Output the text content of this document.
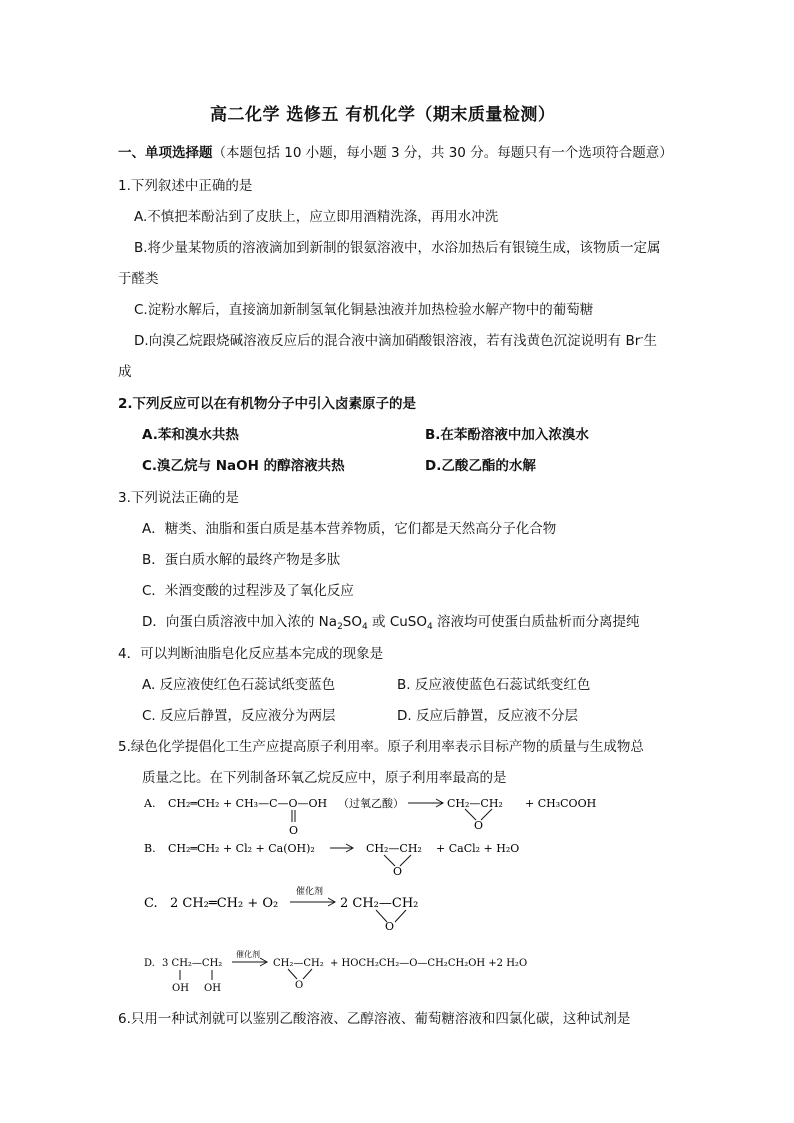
高二化学 选修五 有机化学（期末质量检测）
一、单项选择题（本题包括 10 小题，每小题 3 分，共 30 分。每题只有一个选项符合题意）
1.下列叙述中正确的是
A.不慎把苯酚沾到了皮肤上，应立即用酒精洗涤，再用水冲洗
B.将少量某物质的溶液滴加到新制的银氨溶液中，水浴加热后有银镜生成，该物质一定属
于醛类
C.淀粉水解后，直接滴加新制氢氧化铜悬浊液并加热检验水解产物中的葡萄糖
D.向溴乙烷跟烧碱溶液反应后的混合液中滴加硝酸银溶液，若有浅黄色沉淀说明有 Br-生
成
2.下列反应可以在有机物分子中引入卤素原子的是
A.苯和溴水共热	B.在苯酚溶液中加入浓溴水
C.溴乙烷与 NaOH 的醇溶液共热	D.乙酸乙酯的水解
3.下列说法正确的是
A．糖类、油脂和蛋白质是基本营养物质，它们都是天然高分子化合物
B．蛋白质水解的最终产物是多肽
C．米酒变酸的过程涉及了氧化反应
D．向蛋白质溶液中加入浓的 $Na_2SO_4$ 或 CuSO$_4$ 溶液均可使蛋白质盐析而分离提纯
4．可以判断油脂皂化反应基本完成的现象是
A. 反应液使红色石蕊试纸变蓝色	B. 反应液使蓝色石蕊试纸变红色
C. 反应后静置，反应液分为两层	D. 反应后静置，反应液不分层
5.绿色化学提倡化工生产应提高原子利用率。原子利用率表示目标产物的质量与生成物总
质量之比。在下列制备环氧乙烷反应中，原子利用率最高的是
A. CH₂═CH₂ + CH₃—C—O—OH （过氧乙酸）	CH₂—CH₂
O
+ CH₃COOH
O
B. CH₂═CH₂ + Cl₂ + Ca(OH)₂	CH₂—CH₂
O
+ CaCl₂ + H₂O
C. 2 CH₂═CH₂ + O₂
催化剂
2 CH₂—CH₂
O
D. 3 CH₂—CH₂
OH OH
催化剂
CH₂—CH₂
O
+ HOCH₂CH₂—O—CH₂CH₂OH +2 H₂O
6.只用一种试剂就可以鉴别乙酸溶液、乙醇溶液、葡萄糖溶液和四氯化碳，这种试剂是
